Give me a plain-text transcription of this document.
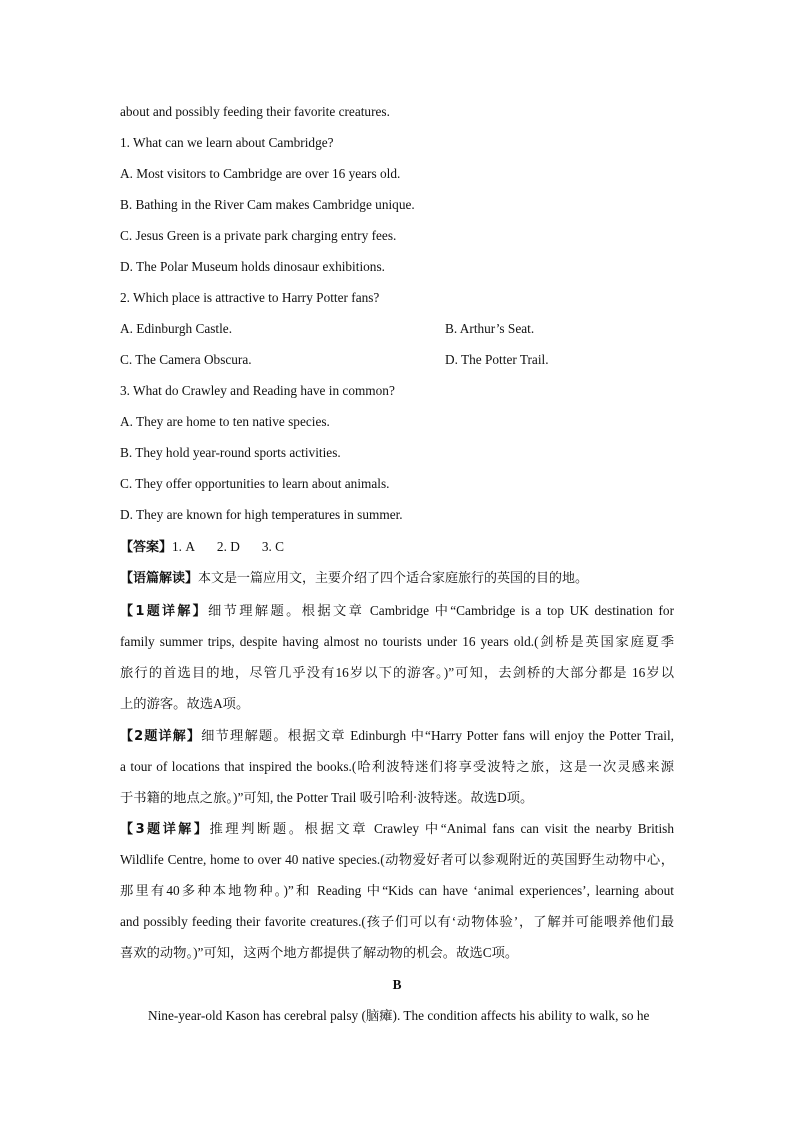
about and possibly feeding their favorite creatures.
1. What can we learn about Cambridge?
A. Most visitors to Cambridge are over 16 years old.
B. Bathing in the River Cam makes Cambridge unique.
C. Jesus Green is a private park charging entry fees.
D. The Polar Museum holds dinosaur exhibitions.
2. Which place is attractive to Harry Potter fans?
A. Edinburgh Castle.	B. Arthur’s Seat.
C. The Camera Obscura.	D. The Potter Trail.
3. What do Crawley and Reading have in common?
A. They are home to ten native species.
B. They hold year-round sports activities.
C. They offer opportunities to learn about animals.
D. They are known for high temperatures in summer.
【答案】1. A 2. D 3. C
【语篇解读】本文是一篇应用文，主要介绍了四个适合家庭旅行的英国的目的地。
【1题详解】细节理解题。根据文章 Cambridge 中“Cambridge is a top UK destination for
family summer trips, despite having almost no tourists under 16 years old.(剑桥是英国家庭夏季
旅行的首选目的地，尽管几乎没有16岁以下的游客。)”可知，去剑桥的大部分都是 16岁以
上的游客。故选A项。
【2题详解】细节理解题。根据文章 Edinburgh 中“Harry Potter fans will enjoy the Potter Trail,
a tour of locations that inspired the books.(哈利波特迷们将享受波特之旅，这是一次灵感来源
于书籍的地点之旅。)”可知, the Potter Trail 吸引哈利·波特迷。故选D项。
【3题详解】推理判断题。根据文章 Crawley 中“Animal fans can visit the nearby British
Wildlife Centre, home to over 40 native species.(动物爱好者可以参观附近的英国野生动物中心，
那里有40多种本地物种。)”和 Reading 中“Kids can have ‘animal experiences’, learning about
and possibly feeding their favorite creatures.(孩子们可以有‘动物体验’，了解并可能喂养他们最
喜欢的动物。)”可知，这两个地方都提供了解动物的机会。故选C项。
B
Nine-year-old Kason has cerebral palsy (脑瘫). The condition affects his ability to walk, so he
